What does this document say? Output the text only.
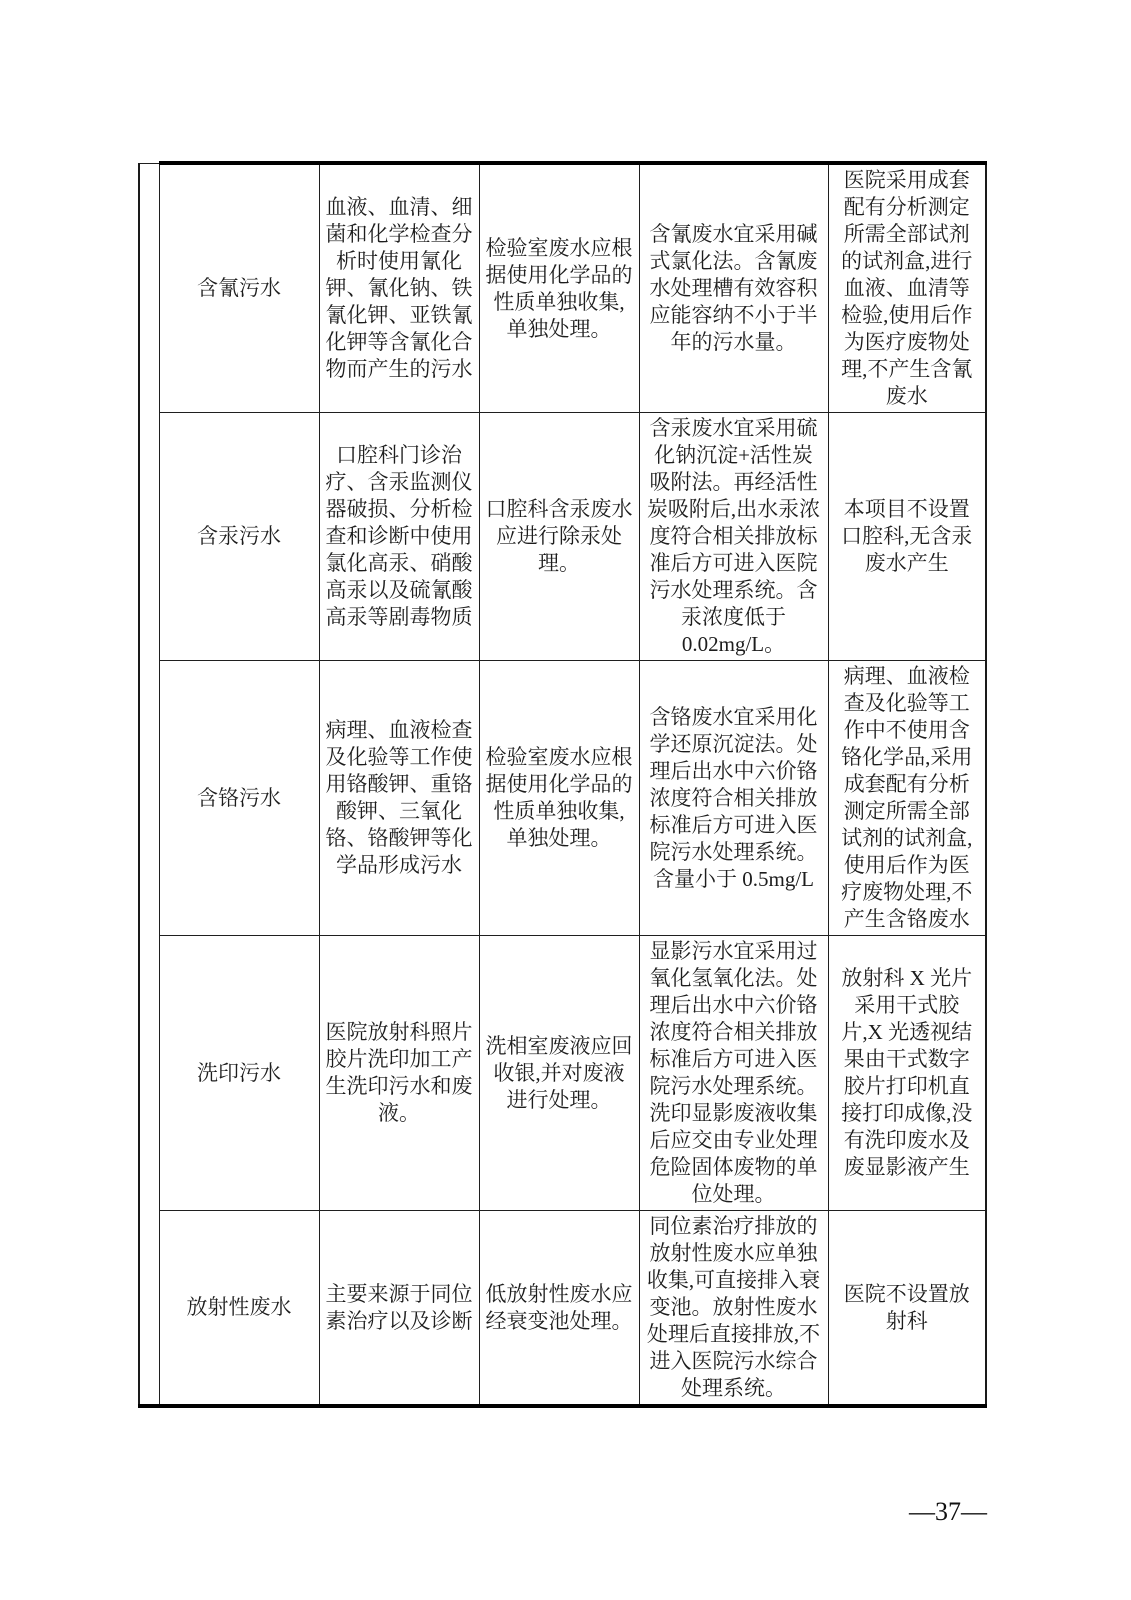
	含氰污水	血液、血清、细菌和化学检查分析时使用氰化钾、氰化钠、铁氰化钾、亚铁氰化钾等含氰化合物而产生的污水	检验室废水应根据使用化学品的性质单独收集,单独处理。	含氰废水宜采用碱式氯化法。含氰废水处理槽有效容积应能容纳不小于半年的污水量。	医院采用成套配有分析测定所需全部试剂的试剂盒,进行血液、血清等检验,使用后作为医疗废物处理,不产生含氰废水
	含汞污水	口腔科门诊治疗、含汞监测仪器破损、分析检查和诊断中使用氯化高汞、硝酸高汞以及硫氰酸高汞等剧毒物质	口腔科含汞废水应进行除汞处理。	含汞废水宜采用硫化钠沉淀+活性炭吸附法。再经活性炭吸附后,出水汞浓度符合相关排放标准后方可进入医院污水处理系统。含汞浓度低于0.02mg/L。	本项目不设置口腔科,无含汞废水产生
	含铬污水	病理、血液检查及化验等工作使用铬酸钾、重铬酸钾、三氧化铬、铬酸钾等化学品形成污水	检验室废水应根据使用化学品的性质单独收集,单独处理。	含铬废水宜采用化学还原沉淀法。处理后出水中六价铬浓度符合相关排放标准后方可进入医院污水处理系统。含量小于 0.5mg/L	病理、血液检查及化验等工作中不使用含铬化学品,采用成套配有分析测定所需全部试剂的试剂盒,使用后作为医疗废物处理,不产生含铬废水
	洗印污水	医院放射科照片胶片洗印加工产生洗印污水和废液。	洗相室废液应回收银,并对废液进行处理。	显影污水宜采用过氧化氢氧化法。处理后出水中六价铬浓度符合相关排放标准后方可进入医院污水处理系统。洗印显影废液收集后应交由专业处理危险固体废物的单位处理。	放射科 X 光片采用干式胶片,X 光透视结果由干式数字胶片打印机直接打印成像,没有洗印废水及废显影液产生
	放射性废水	主要来源于同位素治疗以及诊断	低放射性废水应经衰变池处理。	同位素治疗排放的放射性废水应单独收集,可直接排入衰变池。放射性废水处理后直接排放,不进入医院污水综合处理系统。	医院不设置放射科
—37—
